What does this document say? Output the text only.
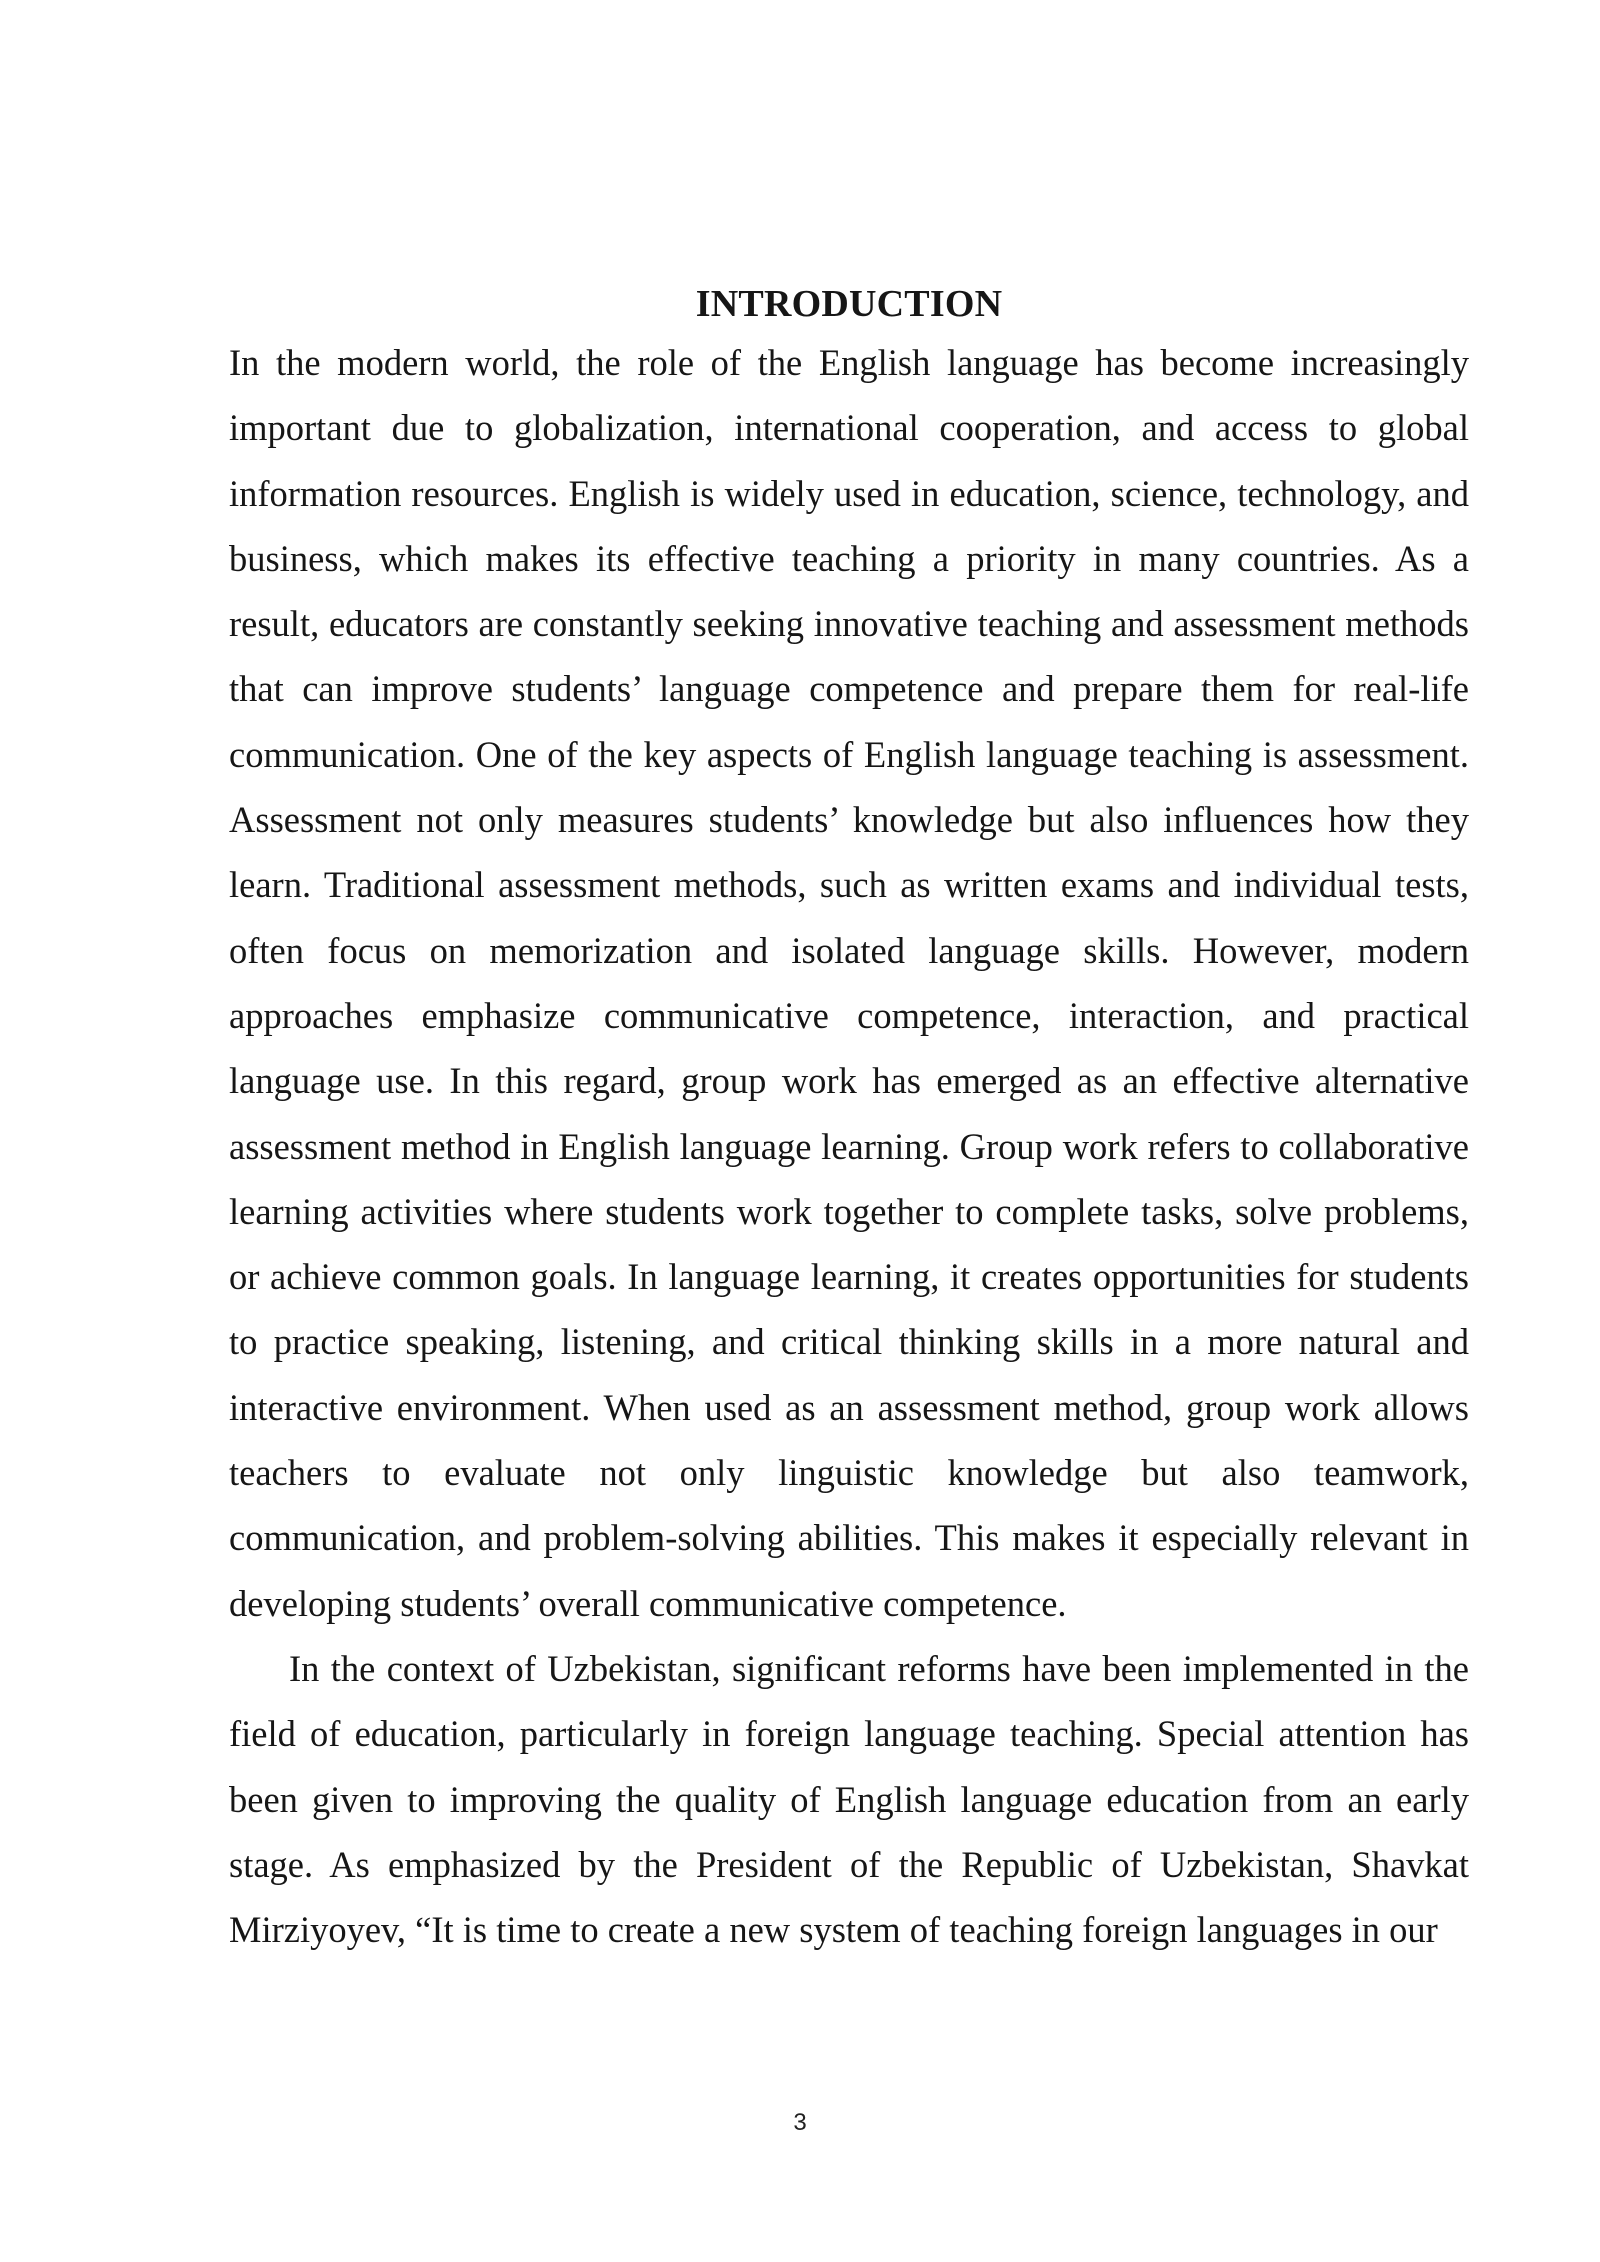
INTRODUCTION

In the modern world, the role of the English language has become increasingly important due to globalization, international cooperation, and access to global information resources. English is widely used in education, science, technology, and business, which makes its effective teaching a priority in many countries. As a result, educators are constantly seeking innovative teaching and assessment methods that can improve students’ language competence and prepare them for real-life communication. One of the key aspects of English language teaching is assessment. Assessment not only measures students’ knowledge but also influences how they learn. Traditional assessment methods, such as written exams and individual tests, often focus on memorization and isolated language skills. However, modern approaches emphasize communicative competence, interaction, and practical language use. In this regard, group work has emerged as an effective alternative assessment method in English language learning. Group work refers to collaborative learning activities where students work together to complete tasks, solve problems, or achieve common goals. In language learning, it creates opportunities for students to practice speaking, listening, and critical thinking skills in a more natural and interactive environment. When used as an assessment method, group work allows teachers to evaluate not only linguistic knowledge but also teamwork, communication, and problem-solving abilities. This makes it especially relevant in developing students’ overall communicative competence.

In the context of Uzbekistan, significant reforms have been implemented in the field of education, particularly in foreign language teaching. Special attention has been given to improving the quality of English language education from an early stage. As emphasized by the President of the Republic of Uzbekistan, Shavkat Mirziyoyev, “It is time to create a new system of teaching foreign languages in our

3
